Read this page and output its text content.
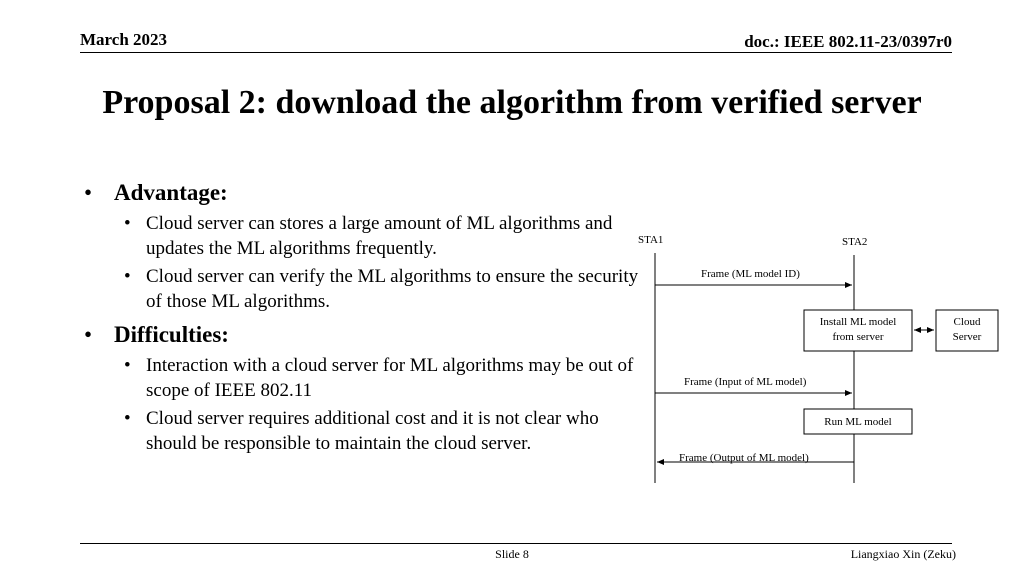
March 2023	doc.: IEEE 802.11-23/0397r0
Proposal 2: download the algorithm from verified server
• Advantage:
• Cloud server can stores a large amount of ML algorithms and updates the ML algorithms frequently.
• Cloud server can verify the ML algorithms to ensure the security of those ML algorithms.
• Difficulties:
• Interaction with a cloud server for ML algorithms may be out of scope of IEEE 802.11
• Cloud server requires additional cost and it is not clear who should be responsible to maintain the cloud server.
STA1	STA2
Frame (ML model ID)
Install ML model
from server
Cloud
Server
Frame (Input of ML model)
Run ML model
Frame (Output of ML model)
Slide 8	Liangxiao Xin (Zeku)
